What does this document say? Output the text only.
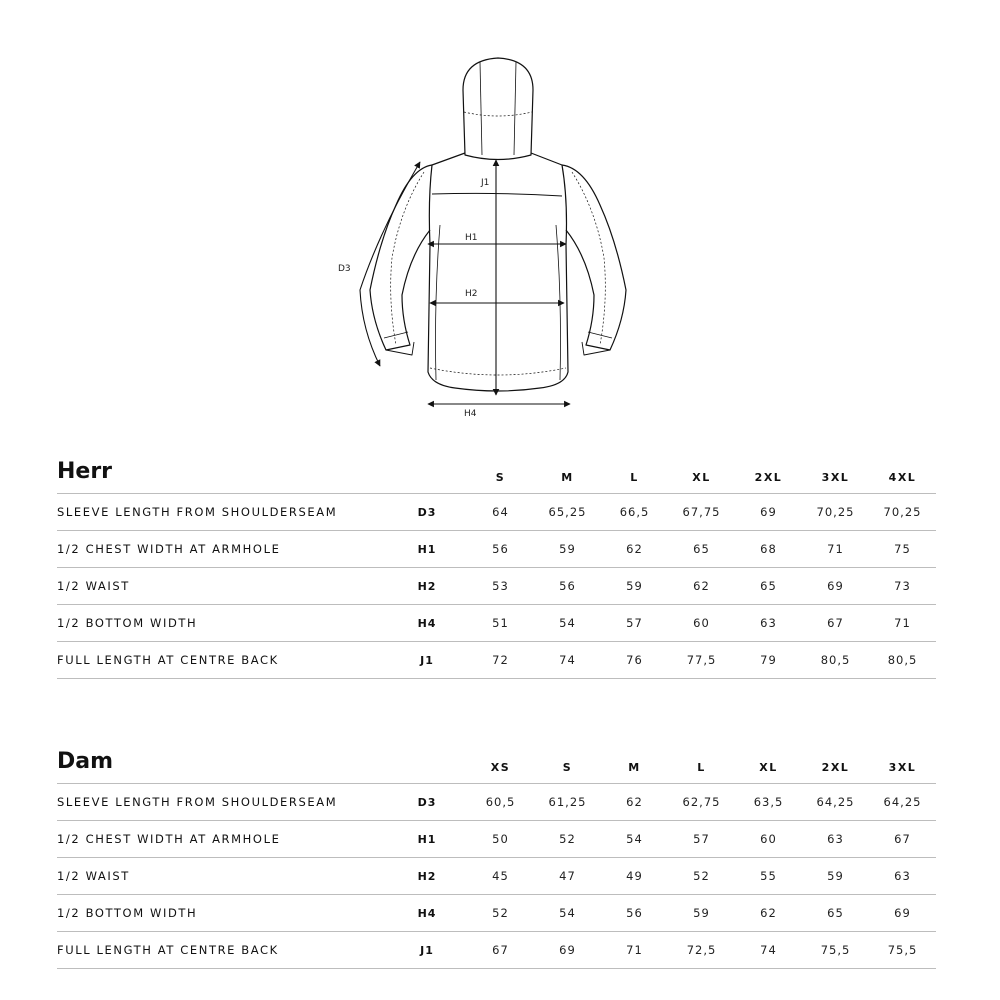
J1
H1
H2
H4
D3
Herr		S	M	L	XL	2XL	3XL	4XL
SLEEVE LENGTH FROM SHOULDERSEAM	D3	64	65,25	66,5	67,75	69	70,25	70,25
1/2 CHEST WIDTH AT ARMHOLE	H1	56	59	62	65	68	71	75
1/2 WAIST	H2	53	56	59	62	65	69	73
1/2 BOTTOM WIDTH	H4	51	54	57	60	63	67	71
FULL LENGTH AT CENTRE BACK	J1	72	74	76	77,5	79	80,5	80,5
Dam		XS	S	M	L	XL	2XL	3XL
SLEEVE LENGTH FROM SHOULDERSEAM	D3	60,5	61,25	62	62,75	63,5	64,25	64,25
1/2 CHEST WIDTH AT ARMHOLE	H1	50	52	54	57	60	63	67
1/2 WAIST	H2	45	47	49	52	55	59	63
1/2 BOTTOM WIDTH	H4	52	54	56	59	62	65	69
FULL LENGTH AT CENTRE BACK	J1	67	69	71	72,5	74	75,5	75,5
